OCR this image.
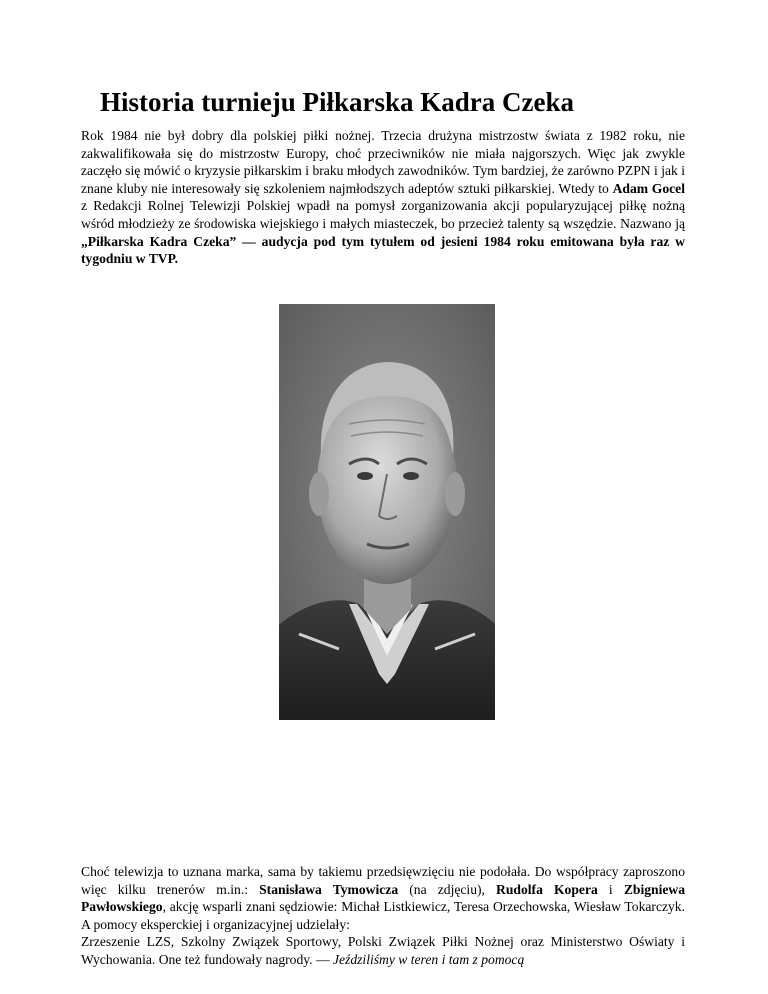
Historia turnieju Piłkarska Kadra Czeka

Rok 1984 nie był dobry dla polskiej piłki nożnej. Trzecia drużyna mistrzostw świata z 1982 roku, nie zakwalifikowała się do mistrzostw Europy, choć przeciwników nie miała najgorszych. Więc jak zwykle zaczęło się mówić o kryzysie piłkarskim i braku młodych zawodników. Tym bardziej, że zarówno PZPN i jak i znane kluby nie interesowały się szkoleniem najmłodszych adeptów sztuki piłkarskiej. Wtedy to Adam Gocel z Redakcji Rolnej Telewizji Polskiej wpadł na pomysł zorganizowania akcji popularyzującej piłkę nożną wśród młodzieży ze środowiska wiejskiego i małych miasteczek, bo przecież talenty są wszędzie. Nazwano ją „Piłkarska Kadra Czeka” — audycja pod tym tytułem od jesieni 1984 roku emitowana była raz w tygodniu w TVP.

Choć telewizja to uznana marka, sama by takiemu przedsięwzięciu nie podołała. Do współpracy zaproszono więc kilku trenerów m.in.: Stanisława Tymowicza (na zdjęciu), Rudolfa Kopera i Zbigniewa Pawłowskiego, akcję wsparli znani sędziowie: Michał Listkiewicz, Teresa Orzechowska, Wiesław Tokarczyk. A pomocy eksperckiej i organizacyjnej udzielały:

Zrzeszenie LZS, Szkolny Związek Sportowy, Polski Związek Piłki Nożnej oraz Ministerstwo Oświaty i Wychowania. One też fundowały nagrody. — Jeździliśmy w teren i tam z pomocą
